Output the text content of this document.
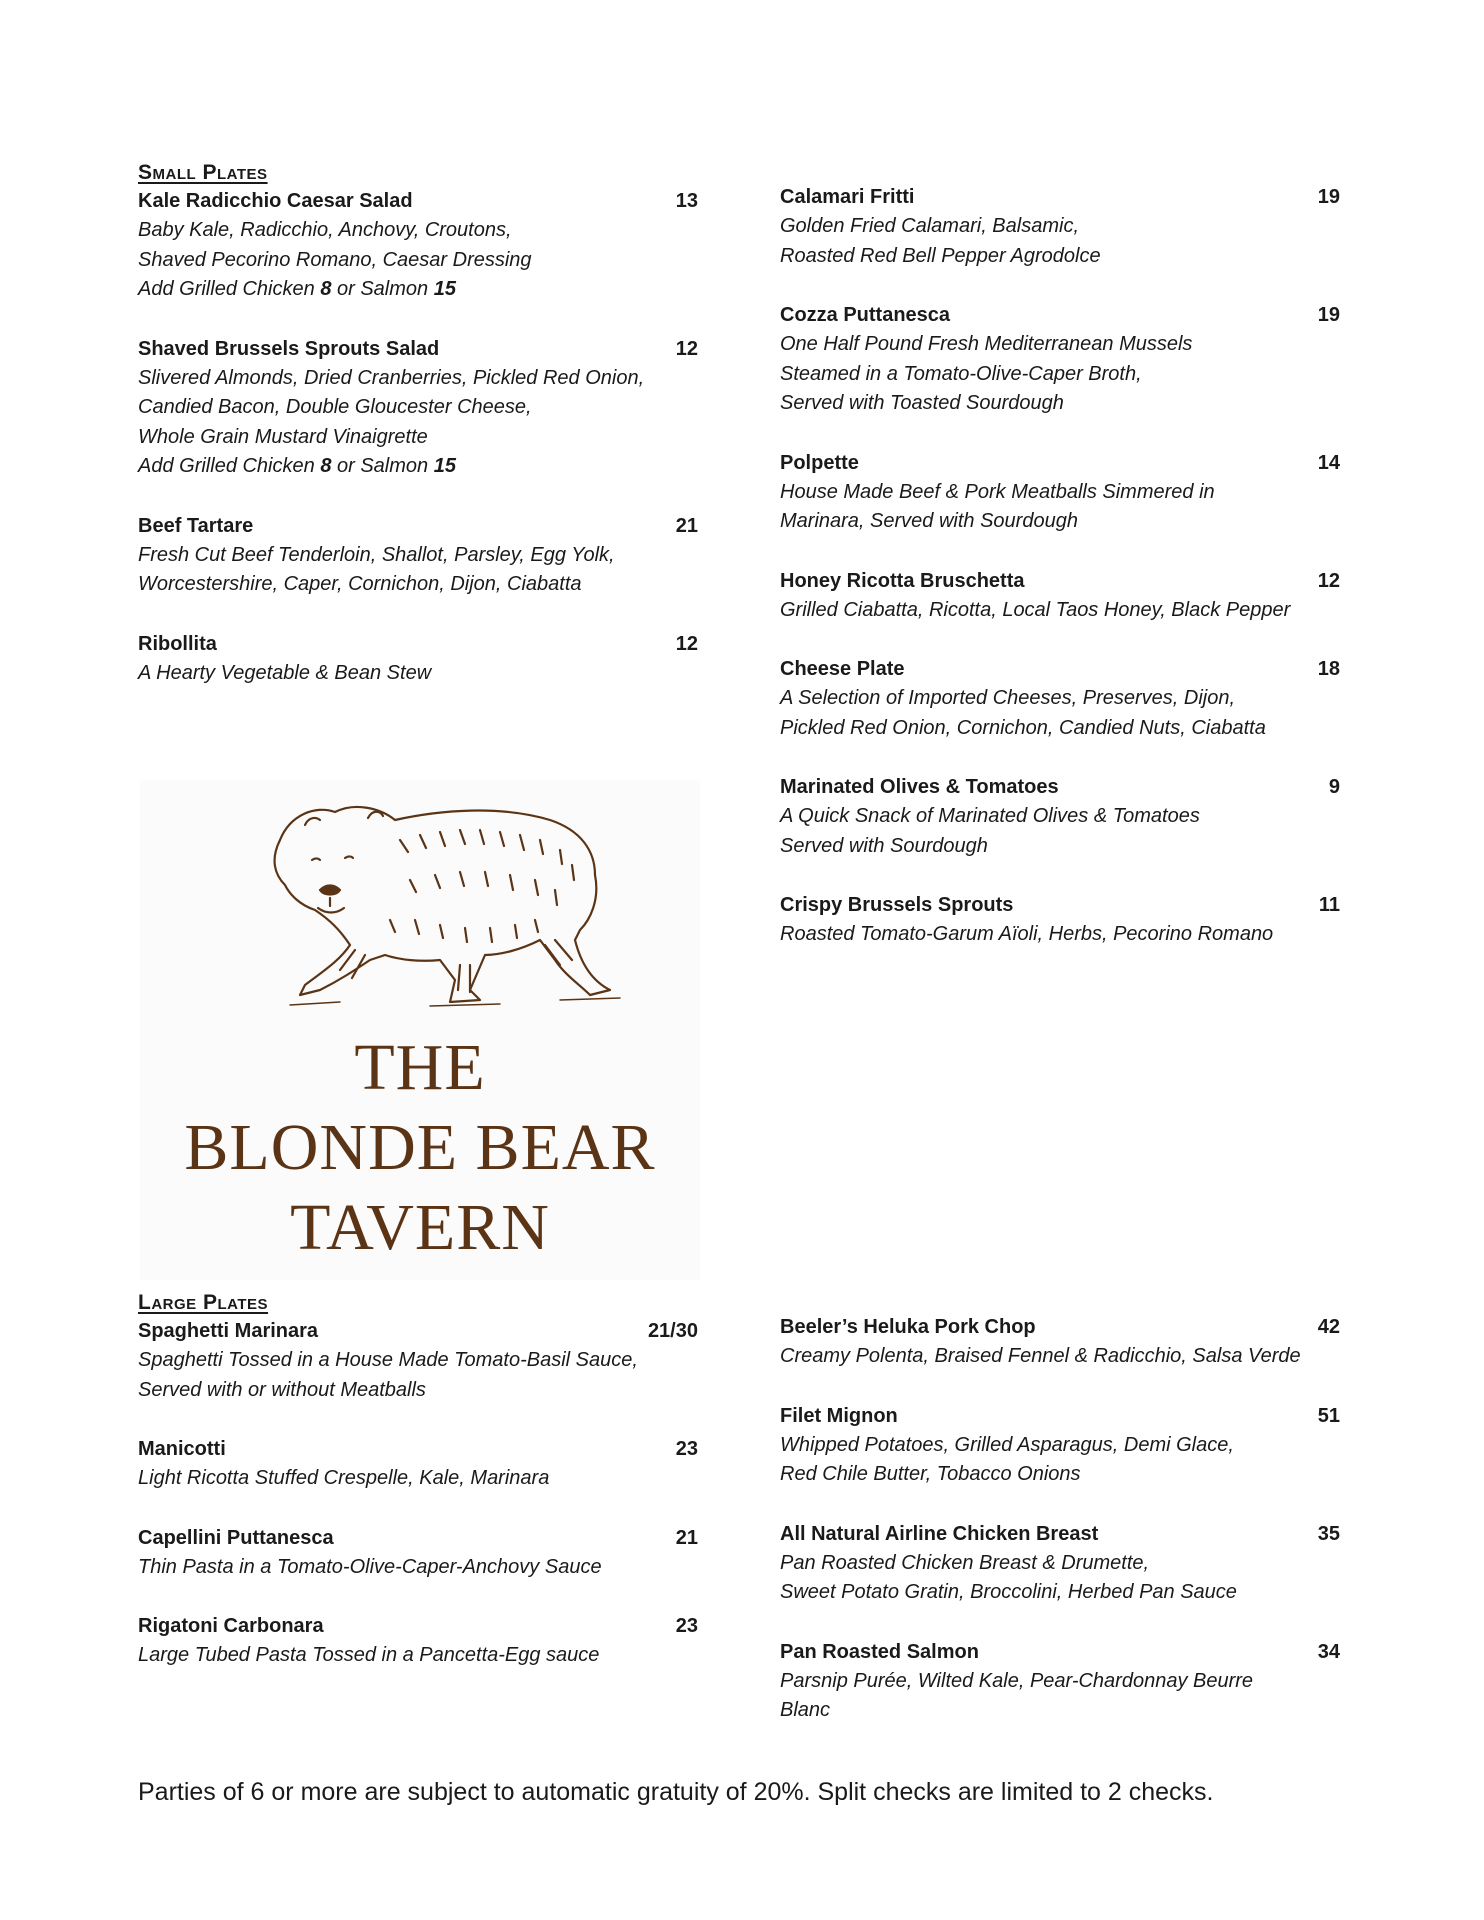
Small Plates
Kale Radicchio Caesar Salad	13
Baby Kale, Radicchio, Anchovy, Croutons,
Shaved Pecorino Romano, Caesar Dressing
Add Grilled Chicken 8 or Salmon 15
Shaved Brussels Sprouts Salad	12
Slivered Almonds, Dried Cranberries, Pickled Red Onion,
Candied Bacon, Double Gloucester Cheese,
Whole Grain Mustard Vinaigrette
Add Grilled Chicken 8 or Salmon 15
Beef Tartare	21
Fresh Cut Beef Tenderloin, Shallot, Parsley, Egg Yolk,
Worcestershire, Caper, Cornichon, Dijon, Ciabatta
Ribollita	12
A Hearty Vegetable & Bean Stew
Calamari Fritti	19
Golden Fried Calamari, Balsamic,
Roasted Red Bell Pepper Agrodolce
Cozza Puttanesca	19
One Half Pound Fresh Mediterranean Mussels
Steamed in a Tomato-Olive-Caper Broth,
Served with Toasted Sourdough
Polpette	14
House Made Beef & Pork Meatballs Simmered in
Marinara, Served with Sourdough
Honey Ricotta Bruschetta	12
Grilled Ciabatta, Ricotta, Local Taos Honey, Black Pepper
Cheese Plate	18
A Selection of Imported Cheeses, Preserves, Dijon,
Pickled Red Onion, Cornichon, Candied Nuts, Ciabatta
Marinated Olives & Tomatoes	9
A Quick Snack of Marinated Olives & Tomatoes
Served with Sourdough
Crispy Brussels Sprouts	11
Roasted Tomato-Garum Aïoli, Herbs, Pecorino Romano
THE
BLONDE BEAR
TAVERN
Large Plates
Spaghetti Marinara	21/30
Spaghetti Tossed in a House Made Tomato-Basil Sauce,
Served with or without Meatballs
Manicotti	23
Light Ricotta Stuffed Crespelle, Kale, Marinara
Capellini Puttanesca	21
Thin Pasta in a Tomato-Olive-Caper-Anchovy Sauce
Rigatoni Carbonara	23
Large Tubed Pasta Tossed in a Pancetta-Egg sauce
Beeler’s Heluka Pork Chop	42
Creamy Polenta, Braised Fennel & Radicchio, Salsa Verde
Filet Mignon	51
Whipped Potatoes, Grilled Asparagus, Demi Glace,
Red Chile Butter, Tobacco Onions
All Natural Airline Chicken Breast	35
Pan Roasted Chicken Breast & Drumette,
Sweet Potato Gratin, Broccolini, Herbed Pan Sauce
Pan Roasted Salmon	34
Parsnip Purée, Wilted Kale, Pear-Chardonnay Beurre
Blanc
Parties of 6 or more are subject to automatic gratuity of 20%. Split checks are limited to 2 checks.
